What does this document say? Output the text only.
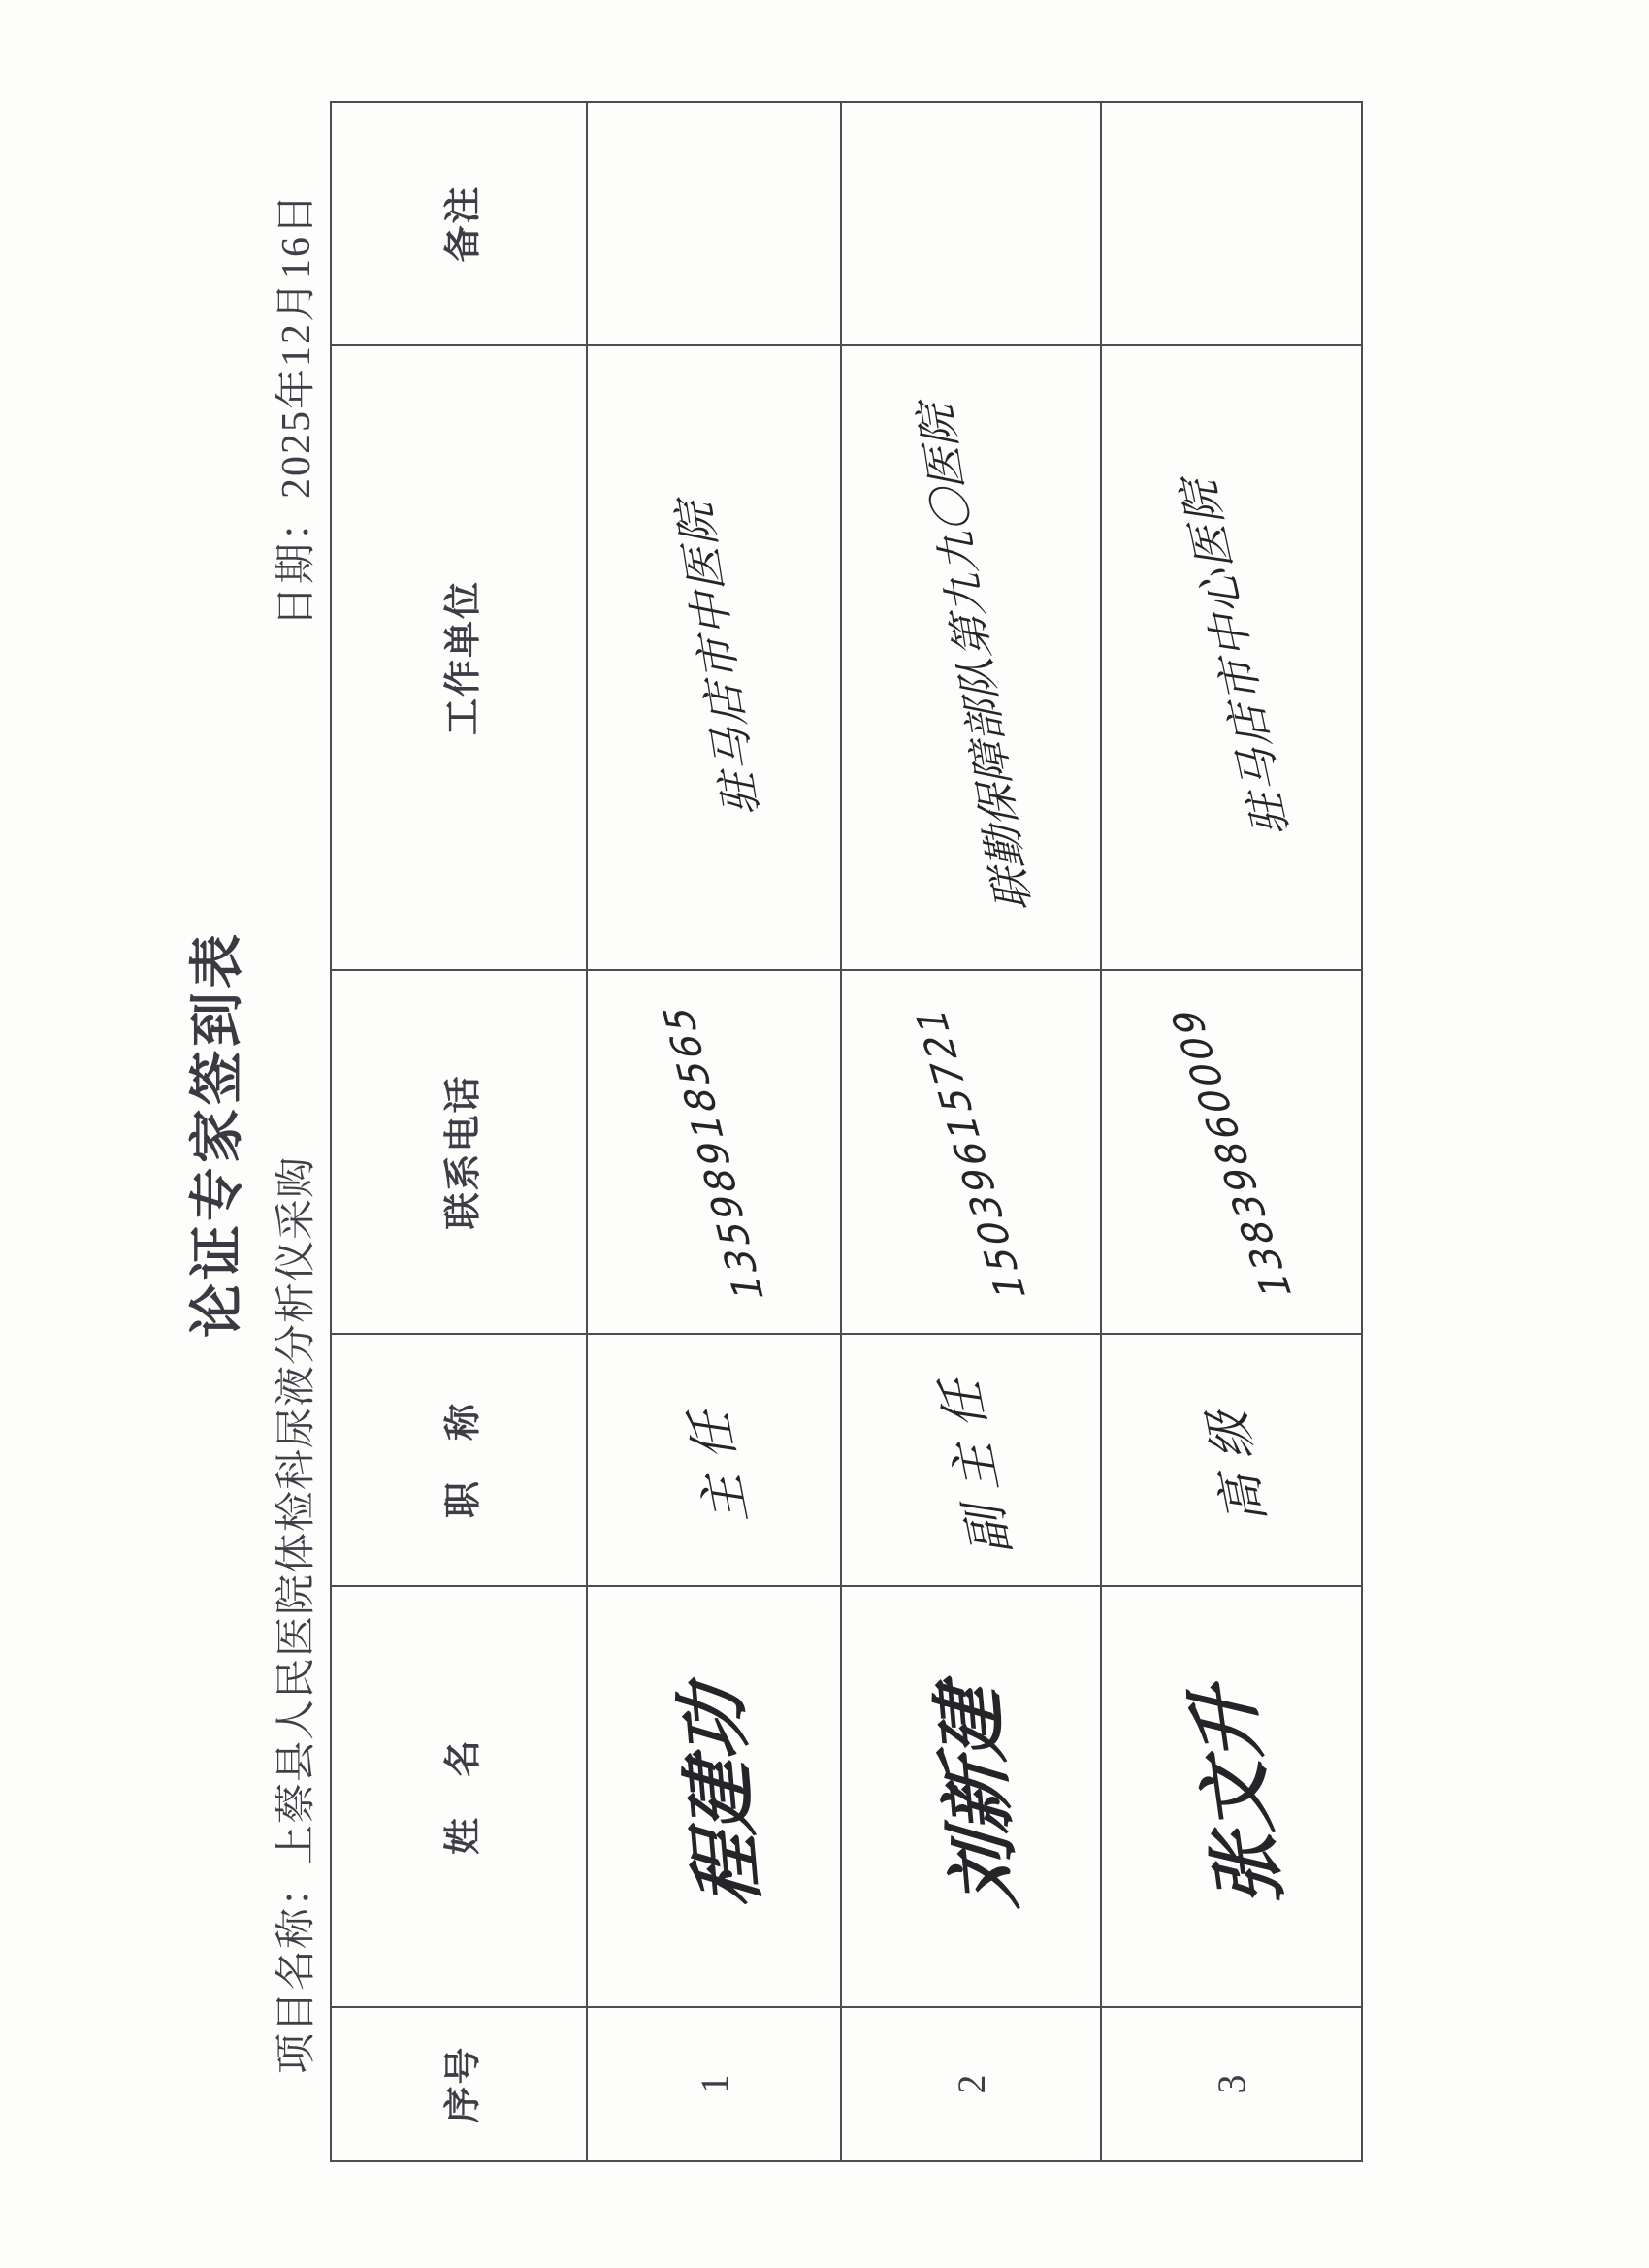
论证专家签到表
项目名称：上蔡县人民医院体检科尿液分析仪采购
日期：2025年12月16日
序号	姓　名	职　称	联系电话	工作单位	备注
1	程建功	主任	13598918565	驻马店市中医院	
2	刘新建	副主任	15039615721	联勤保障部队第九九〇医院	
3	张文升	高级	13839860009	驻马店市中心医院	
